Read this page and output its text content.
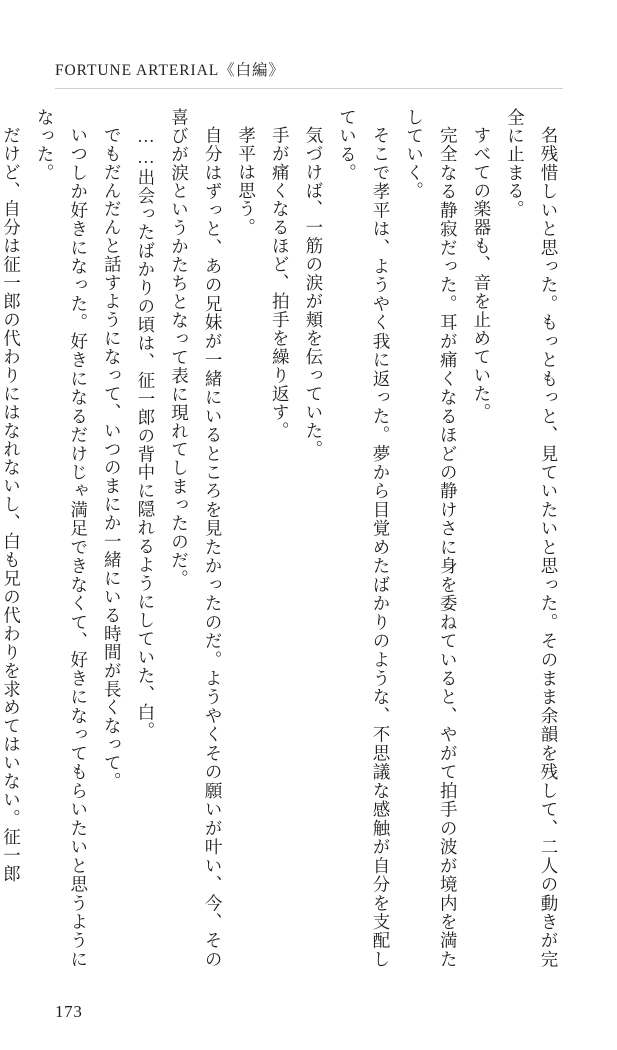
FORTUNE ARTERIAL《白編》

名残惜しいと思った。もっともっと、見ていたいと思った。そのまま余韻を残して、二人の動きが完全に止まる。

すべての楽器も、音を止めていた。

完全なる静寂だった。耳が痛くなるほどの静けさに身を委ねていると、やがて拍手の波が境内を満たしていく。

そこで孝平は、ようやく我に返った。夢から目覚めたばかりのような、不思議な感触が自分を支配している。

気づけば、一筋の涙が頬を伝っていた。

手が痛くなるほど、拍手を繰り返す。

孝平は思う。

自分はずっと、あの兄妹が一緒にいるところを見たかったのだ。ようやくその願いが叶い、今、その喜びが涙というかたちとなって表に現れてしまったのだ。

……出会ったばかりの頃は、征一郎の背中に隠れるようにしていた、白。

でもだんだんと話すようになって、いつのまにか一緒にいる時間が長くなって。

いつしか好きになった。好きになるだけじゃ満足できなくて、好きになってもらいたいと思うようになった。

だけど、自分は征一郎の代わりにはなれないし、白も兄の代わりを求めてはいない。征一郎

173
